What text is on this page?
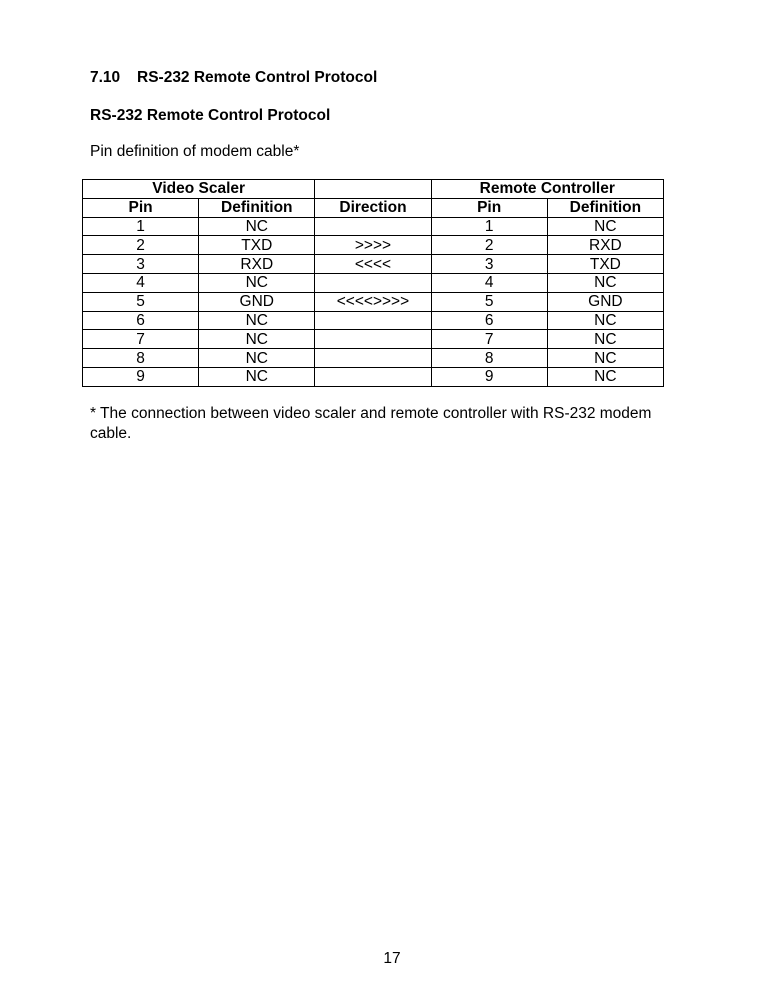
7.10 RS-232 Remote Control Protocol
RS-232 Remote Control Protocol

Pin definition of modem cable*

Video Scaler			Remote Controller	
Pin	Definition	Direction	Pin	Definition
1	NC		1	NC
2	TXD	>>>>	2	RXD
3	RXD	<<<<	3	TXD
4	NC		4	NC
5	GND	<<<<>>>>	5	GND
6	NC		6	NC
7	NC		7	NC
8	NC		8	NC
9	NC		9	NC

* The connection between video scaler and remote controller with RS-232 modem cable.

17
